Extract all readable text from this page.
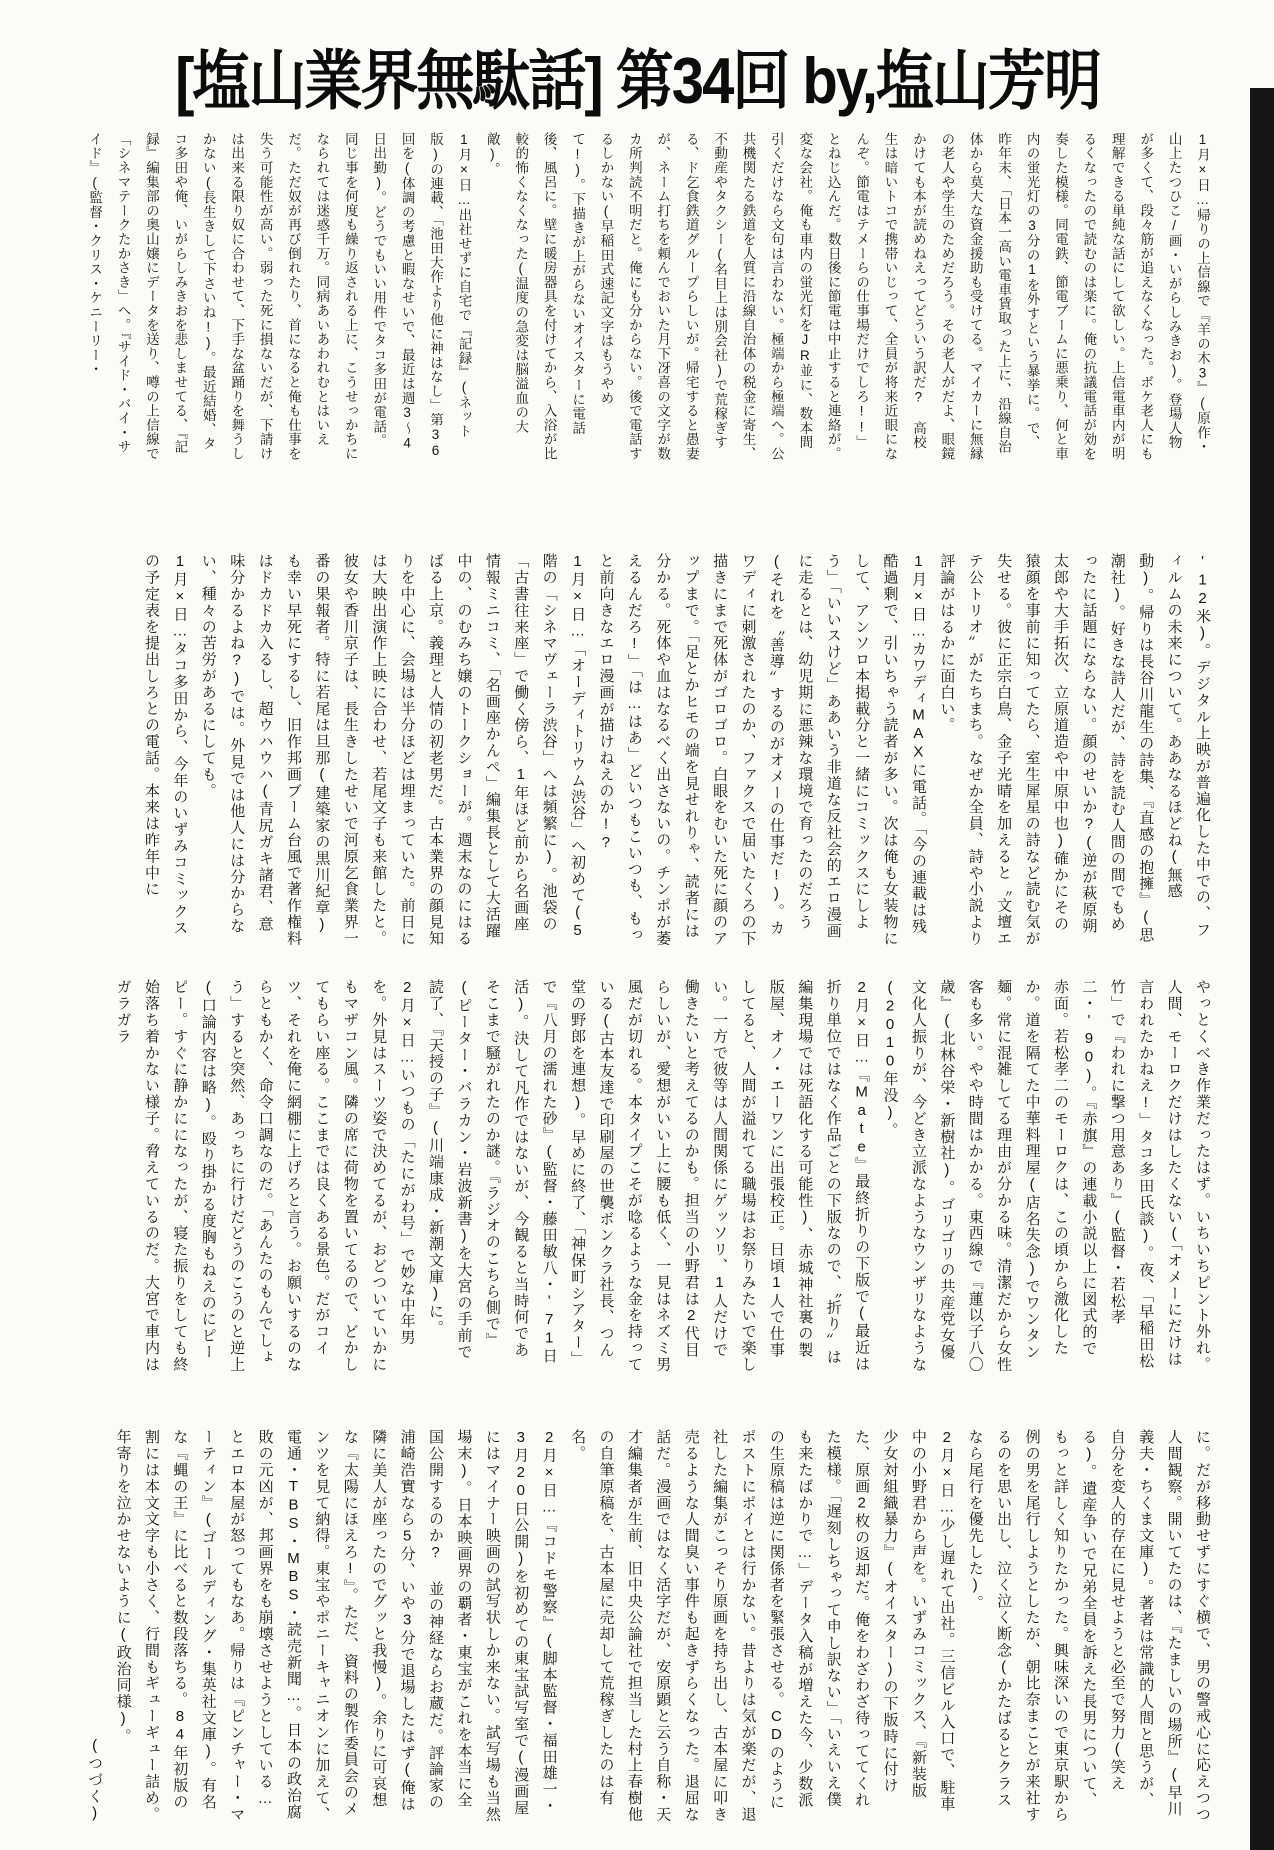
[塩山業界無駄話] 第34回 by,塩山芳明

1月×日…帰りの上信線で『羊の木3』(原作・山上たつひこ/画・いがらしみきお)。登場人物が多くて、段々筋が追えなくなった。ボケ老人にも理解できる単純な話にして欲しい。上信電車内が明るくなったので読むのは楽に。俺の抗議電話が効を奏した模様。同電鉄、節電ブームに悪乗り、何と車内の蛍光灯の3分の1を外すという暴挙に。で、昨年末、「日本一高い電車賃取った上に、沿線自治体から莫大な資金援助も受けてる。マイカーに無縁の老人や学生のためだろう。その老人がだよ、眼鏡かけても本が読めねえってどういう訳だ? 高校生は暗いトコで携帯いじって、全員が将来近眼になんぞ。節電はテメーらの仕事場だけでしろ!!」とねじ込んだ。数日後に節電は中止すると連絡が。変な会社。俺も車内の蛍光灯をJR並に、数本間引くだけなら文句は言わない。極端から極端へ。公共機関たる鉄道を人質に沿線自治体の税金に寄生、不動産やタクシー(名目上は別会社)で荒稼ぎする、ド乞食鉄道グループらしいが。帰宅すると愚妻が、ネーム打ちを頼んでおいた月下冴喜の文字が数カ所判読不明だと。俺にも分からない。後で電話するしかない(早稲田式速記文字はもうやめて!)。下描きが上がらないオイスターに電話後、風呂に。壁に暖房器具を付けてから、入浴が比較的怖くなくなった(温度の急変は脳溢血の大敵)。

1月×日…出社せずに自宅で『記録』(ネット版)の連載、「池田大作より他に神はなし」第36回を(体調の考慮と暇なせいで、最近は週3〜4日出勤)。どうでもいい用件でタコ多田が電話。同じ事を何度も繰り返される上に、こうせっかちになられては迷惑千万。同病あいあわれむとはいえだ。ただ奴が再び倒れたり、首になると俺も仕事を失う可能性が高い。弱った死に損ないだが、下請けは出来る限り奴に合わせて、下手な盆踊りを舞うしかない(長生きして下さいね!)。最近結婚、タコ多田や俺、いがらしみきおを悲しませてる、『記録』編集部の奥山嬢にデータを送り、噂の上信線で「シネマテークたかさき」へ。『サイド・バイ・サイド』(監督・クリス・ケニーリー・

'12米)。デジタル上映が普遍化した中での、フィルムの未来について。ああなるほどね(無感動)。帰りは長谷川龍生の詩集、『直感の抱擁』(思潮社)。好きな詩人だが、詩を読む人間の間でもめったに話題にならない。顔のせいか?(逆が萩原朔太郎や大手拓次、立原道造や中原中也)確かにその猿顔を事前に知ってたら、室生犀星の詩など読む気が失せる。彼に正宗白鳥、金子光晴を加えると〝文壇エテ公トリオ〟がたちまち。なぜか全員、詩や小説より評論がはるかに面白い。

1月×日…カワディMAXに電話。「今の連載は残酷過剰で、引いちゃう読者が多い。次は俺も女装物にして、アンソロ本掲載分と一緒にコミックスにしよう」「いいスけど」ああいう非道な反社会的エロ漫画に走るとは、幼児期に悪辣な環境で育ったのだろう(それを〝善導〟するのがオメーの仕事だ!)。カワディに刺激されたのか、ファクスで届いたくろの下描きにまで死体がゴロゴロ。白眼をむいた死に顔のアップまで。「足とかヒモの端を見せれりゃ、読者には分かる。死体や血はなるべく出さないの。チンポが萎えるんだろ!」「は…はあ」どいつもこいつも、もっと前向きなエロ漫画が描けねえのか!?

1月×日…「オーディトリウム渋谷」へ初めて(5階の「シネマヴェーラ渋谷」へは頻繁に)。池袋の「古書往来座」で働く傍ら、1年ほど前から名画座情報ミニコミ、「名画座かんぺ」編集長として大活躍中の、のむみち嬢のトークショーが。週末なのにはるばる上京。義理と人情の初老男だ。古本業界の顔見知りを中心に、会場は半分ほどは埋まっていた。前日には大映出演作上映に合わせ、若尾文子も来館したと。彼女や香川京子は、長生きしたせいで河原乞食業界一番の果報者。特に若尾は旦那(建築家の黒川紀章)も幸い早死にするし、旧作邦画ブーム台風で著作権料はドカドカ入るし、超ウハウハ(青尻ガキ諸君、意味分かるよね?)では。外見では他人には分からない、種々の苦労があるにしても。

1月×日…タコ多田から、今年のいずみコミックスの予定表を提出しろとの電話。本来は昨年中に

やっとくべき作業だったはず。いちいちピント外れ。人間、モーロクだけはしたくない(「オメーにだけは言われたかねえ!」タコ多田氏談)。夜、「早稲田松竹」で『われに撃つ用意あり』(監督・若松孝二・'90)。『赤旗』の連載小説以上に図式的で赤面。若松孝二のモーロクは、この頃から激化したか。道を隔てた中華料理屋(店名失念)でワンタン麺。常に混雑してる理由が分かる味。清潔だから女性客も多い。やや時間はかかる。東西線で『蓮以子八〇歳』(北林谷栄・新樹社)。ゴリゴリの共産党女優文化人振りが、今どき立派なようなウンザリなような(2010年没)。

2月×日…『Mate』最終折りの下版で(最近は折り単位ではなく作品ごとの下版なので、〝折り〟は編集現場では死語化する可能性)、赤城神社裏の製版屋、オノ・エーワンに出張校正。日頃1人で仕事してると、人間が溢れてる職場はお祭りみたいで楽しい。一方で彼等は人間関係にゲッソリ、1人だけで働きたいと考えてるのかも。担当の小野君は2代目らしいが、愛想がいい上に腰も低く、一見はネズミ男風だが切れる。本タイプこそが唸るような金を持っている(古本友達で印刷屋の世襲ボンクラ社長、つん堂の野郎を連想)。早めに終了、「神保町シアター」で『八月の濡れた砂』(監督・藤田敏八・'71日活)。決して凡作ではないが、今観ると当時何であそこまで騒がれたのか謎。『ラジオのこちら側で』(ピーター・バラカン・岩波新書)を大宮の手前で読了、『天授の子』(川端康成・新潮文庫)に。

2月×日…いつもの「たにがわ号」で妙な中年男を。外見はスーツ姿で決めてるが、おどついていかにもマザコン風。隣の席に荷物を置いてるので、どかしてもらい座る。ここまでは良くある景色。だがコイツ、それを俺に網棚に上げろと言う。お願いするのならともかく、命令口調なのだ。「あんたのもんでしょう」すると突然、あっちに行けだどうのこうのと逆上(口論内容は略)。殴り掛かる度胸もねえのにピーピー。すぐに静かにになったが、寝た振りをしても終始落ち着かない様子。脅えているのだ。大宮で車内はガラガラ

に。だが移動せずにすぐ横で、男の警戒心に応えつつ人間観察。開いてたのは、『たましいの場所』(早川義夫・ちくま文庫)。著者は常識的人間と思うが、自分を変人的存在に見せようと必至で努力(笑える)。遺産争いで兄弟全員を訴えた長男について、もっと詳しく知りたかった。興味深いので東京駅から例の男を尾行しようとしたが、朝比奈まことが来社するのを思い出し、泣く泣く断念(かたばるとクラスなら尾行を優先した)。

2月×日…少し遅れて出社。三信ビル入口で、駐車中の小野君から声を。いずみコミックス、『新装版 少女対組織暴力』(オイスター)の下版時に付けた、原画2枚の返却だ。俺をわざわざ待っててくれた模様。「遅刻しちゃって申し訳ない」「いえいえ僕も来たばかりで…」データ入稿が増えた今、少数派の生原稿は逆に関係者を緊張させる。CDのようにポストにポイとは行かない。昔よりは気が楽だが、退社した編集がこっそり原画を持ち出し、古本屋に叩き売るような人間臭い事件も起きずらくなった。退屈な話だ。漫画ではなく活字だが、安原顕と云う自称・天才編集者が生前、旧中央公論社で担当した村上春樹他の自筆原稿を、古本屋に売却して荒稼ぎしたのは有名。

2月×日…『コドモ警察』(脚本監督・福田雄一・3月20日公開)を初めての東宝試写室で(漫画屋にはマイナー映画の試写状しか来ない。試写場も当然場末)。日本映画界の覇者・東宝がこれを本当に全国公開するのか? 並の神経ならお蔵だ。評論家の浦崎浩實なら5分、いや3分で退場したはず(俺は隣に美人が座ったのでグッと我慢)。余りに可哀想な『太陽にほえろ!』。ただ、資料の製作委員会のメンツを見て納得。東宝やポニーキャニオンに加えて、電通・TBS・MBS・読売新聞…。日本の政治腐敗の元凶が、邦画界をも崩壊させようとしている…とエロ本屋が怒ってもなあ。帰りは『ピンチャー・マーティン』(ゴールディング・集英社文庫)。有名な『蝿の王』に比べると数段落ちる。84年初版の割には本文文字も小さく、行間もギューギュー詰め。年寄りを泣かせないように(政治同様)。

(つづく)
